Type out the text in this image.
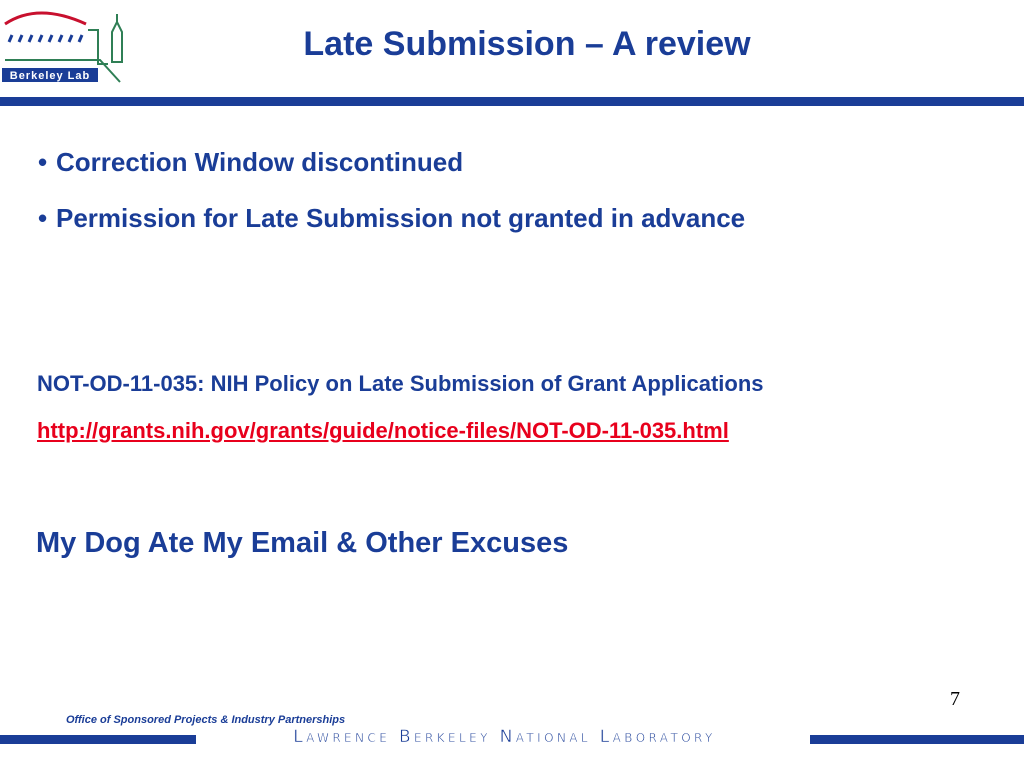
Berkeley Lab
Late Submission – A review
• Correction Window discontinued
• Permission for Late Submission not granted in advance
NOT-OD-11-035: NIH Policy on Late Submission of Grant Applications
http://grants.nih.gov/grants/guide/notice-files/NOT-OD-11-035.html
My Dog Ate My Email & Other Excuses
7
Office of Sponsored Projects & Industry Partnerships
Lawrence Berkeley National Laboratory
